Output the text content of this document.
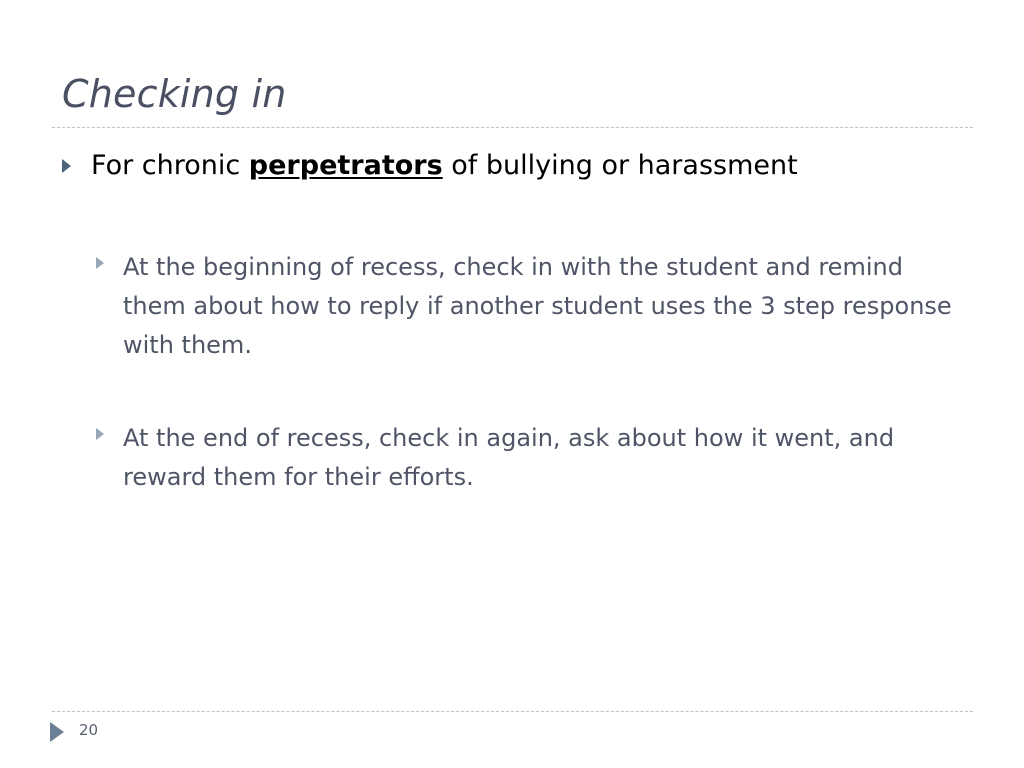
Checking in
For chronic perpetrators of bullying or harassment
At the beginning of recess, check in with the student and remind them about how to reply if another student uses the 3 step response with them.
At the end of recess, check in again, ask about how it went, and reward them for their efforts.
20
